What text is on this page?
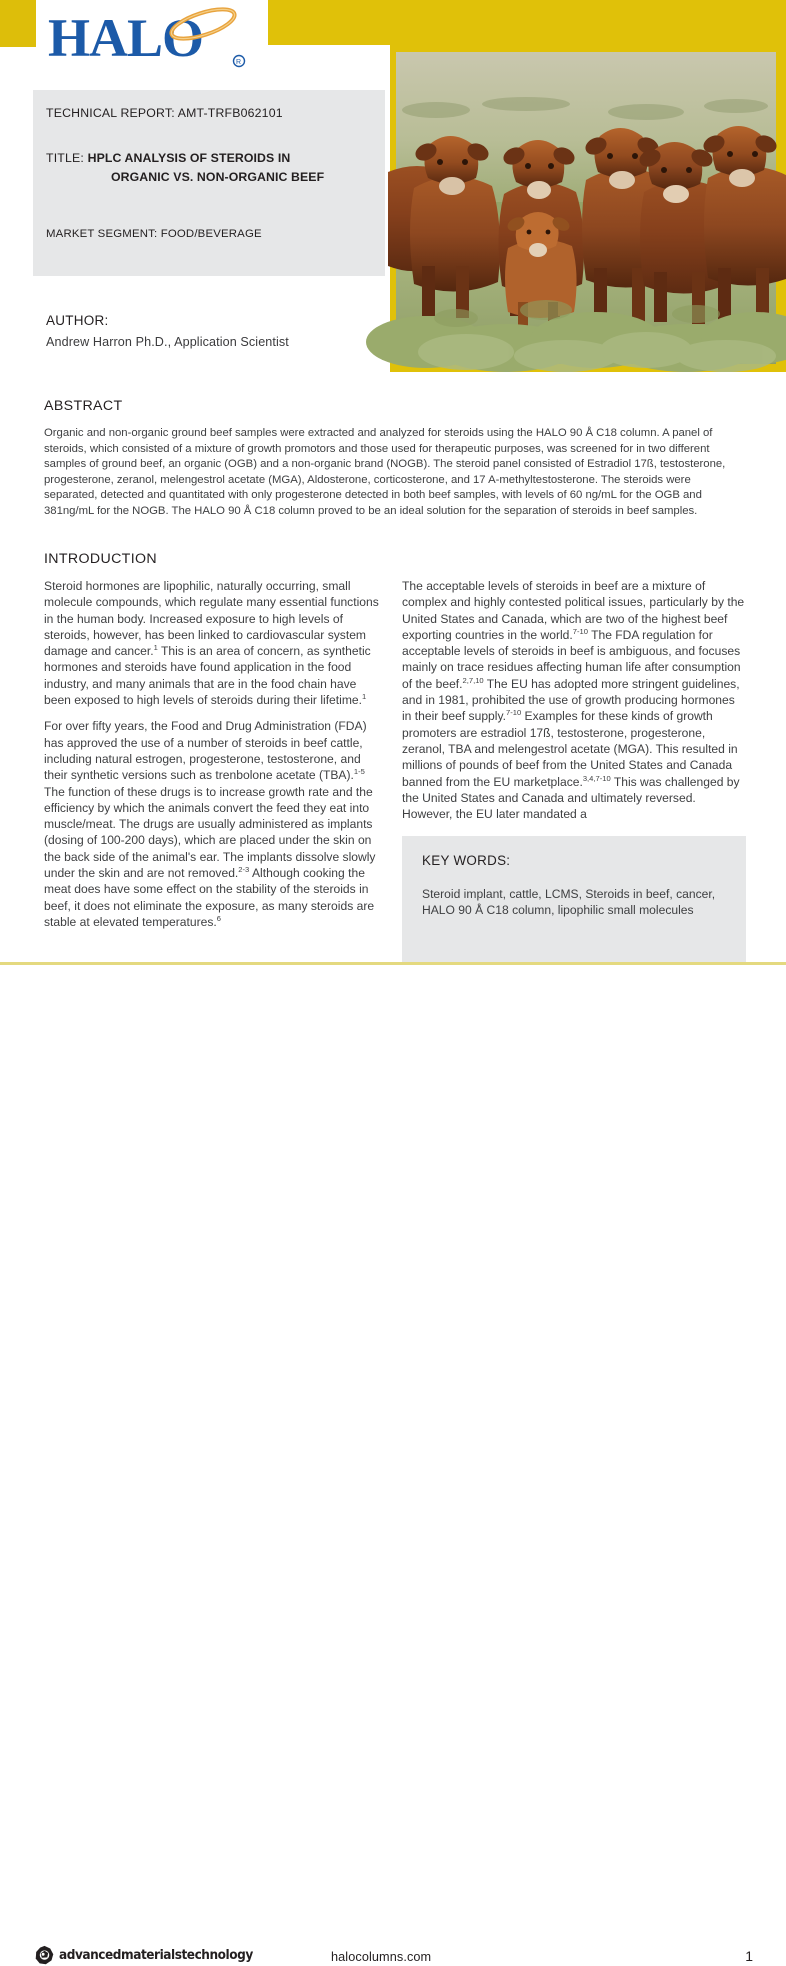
HALO	R
TECHNICAL REPORT: AMT-TRFB062101
TITLE: HPLC ANALYSIS OF STEROIDS IN
ORGANIC VS. NON-ORGANIC BEEF
MARKET SEGMENT: FOOD/BEVERAGE
AUTHOR:
Andrew Harron Ph.D., Application Scientist
ABSTRACT
Organic and non-organic ground beef samples were extracted and analyzed for steroids using the HALO 90 Å C18 column. A panel of steroids, which consisted of a mixture of growth promotors and those used for therapeutic purposes, was screened for in two different samples of ground beef, an organic (OGB) and a non-organic brand (NOGB). The steroid panel consisted of Estradiol 17ß, testosterone, progesterone, zeranol, melengestrol acetate (MGA), Aldosterone, corticosterone, and 17 A-methyltestosterone. The steroids were separated, detected and quantitated with only progesterone detected in both beef samples, with levels of 60 ng/mL for the OGB and 381ng/mL for the NOGB. The HALO 90 Å C18 column proved to be an ideal solution for the separation of steroids in beef samples.
INTRODUCTION

Steroid hormones are lipophilic, naturally occurring, small molecule compounds, which regulate many essential functions in the human body. Increased exposure to high levels of steroids, however, has been linked to cardiovascular system damage and cancer.$^1$ This is an area of concern, as synthetic hormones and steroids have found application in the food industry, and many animals that are in the food chain have been exposed to high levels of steroids during their lifetime.$^1$

For over fifty years, the Food and Drug Administration (FDA) has approved the use of a number of steroids in beef cattle, including natural estrogen, progesterone, testosterone, and their synthetic versions such as trenbolone acetate (TBA).$^{1-5}$ The function of these drugs is to increase growth rate and the efficiency by which the animals convert the feed they eat into muscle/meat. The drugs are usually administered as implants (dosing of 100-200 days), which are placed under the skin on the back side of the animal's ear. The implants dissolve slowly under the skin and are not removed.$^{2-3}$ Although cooking the meat does have some effect on the stability of the steroids in beef, it does not eliminate the exposure, as many steroids are stable at elevated temperatures.$^6$

The acceptable levels of steroids in beef are a mixture of complex and highly contested political issues, particularly by the United States and Canada, which are two of the highest beef exporting countries in the world.$^{7-10}$ The FDA regulation for acceptable levels of steroids in beef is ambiguous, and focuses mainly on trace residues affecting human life after consumption of the beef.$^{2,7,10}$ The EU has adopted more stringent guidelines, and in 1981, prohibited the use of growth producing hormones in their beef supply.$^{7-10}$ Examples for these kinds of growth promoters are estradiol 17ß, testosterone, progesterone, zeranol, TBA and melengestrol acetate (MGA). This resulted in millions of pounds of beef from the United States and Canada banned from the EU marketplace.$^{3,4,7-10}$ This was challenged by the United States and Canada and ultimately reversed. However, the EU later mandated a

KEY WORDS:
Steroid implant, cattle, LCMS, Steroids in beef, cancer, HALO 90 Å C18 column, lipophilic small molecules
advancedmaterialstechnology	halocolumns.com	1
